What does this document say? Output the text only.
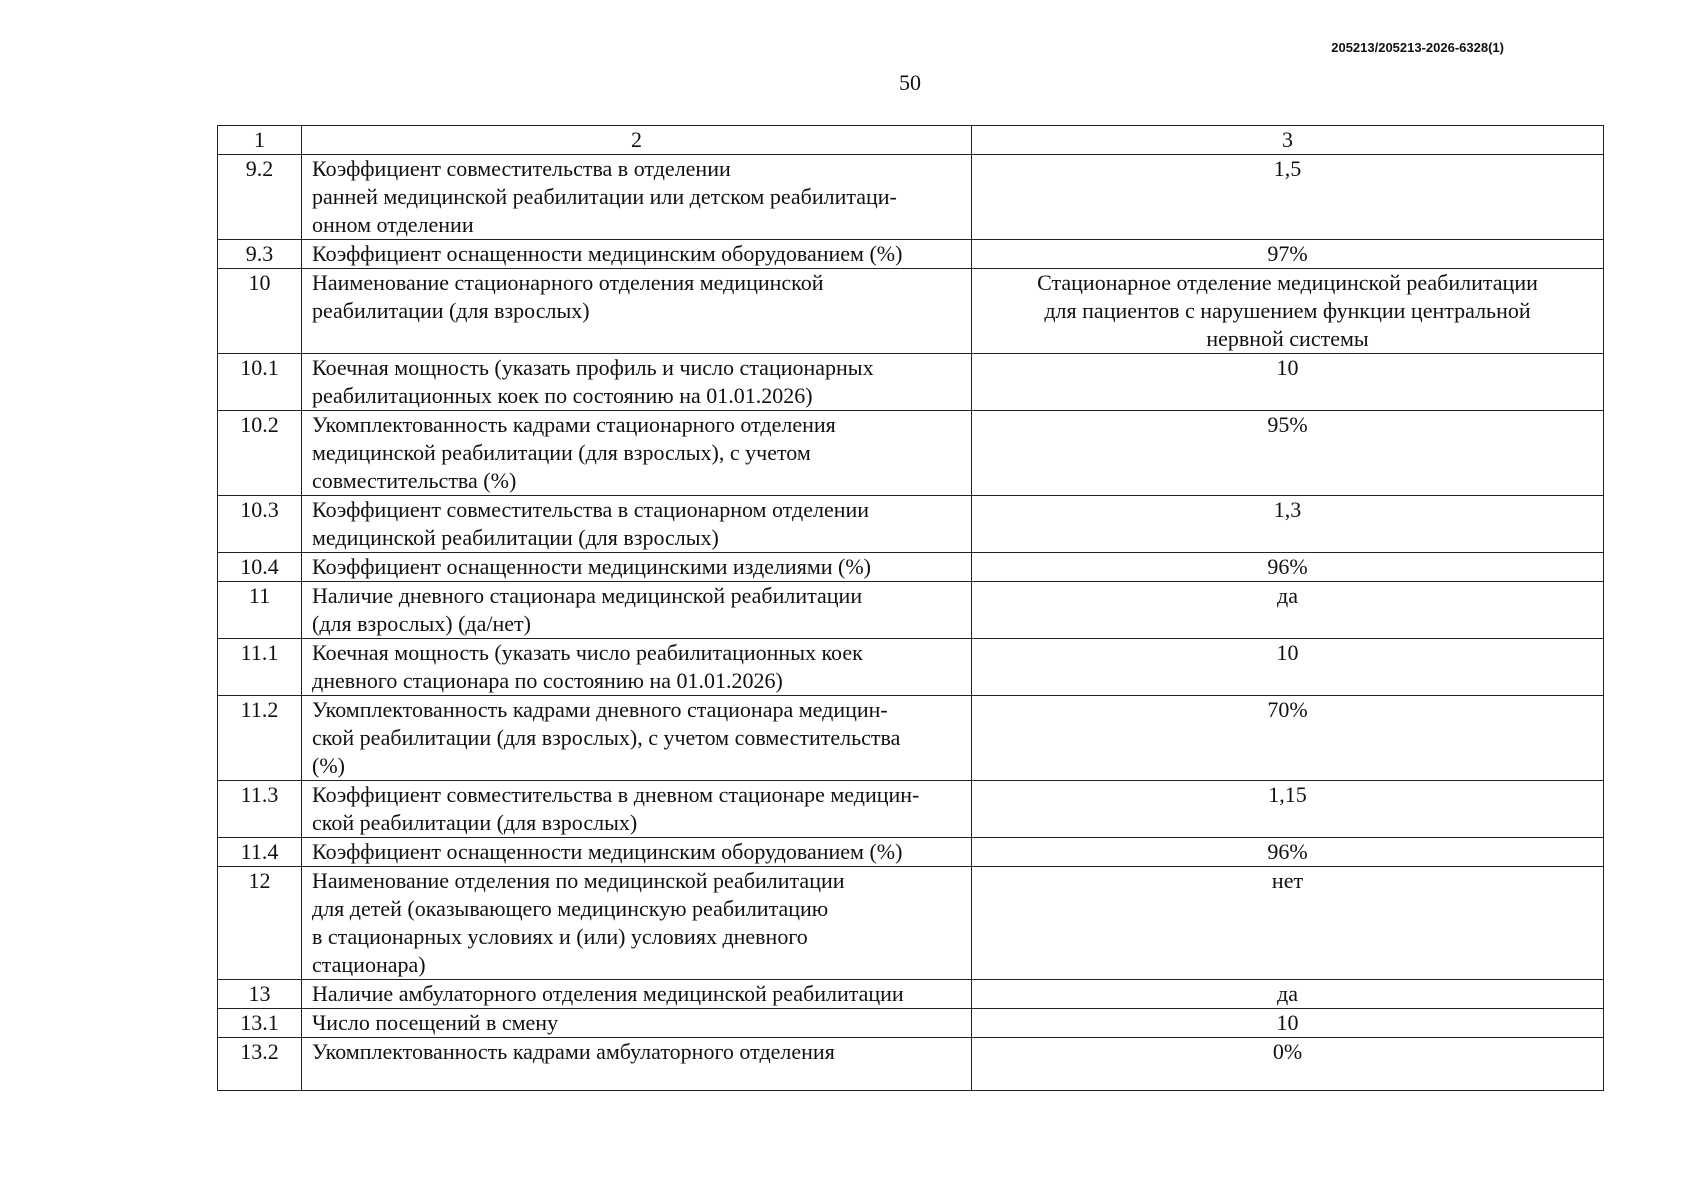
205213/205213-2026-6328(1)
50
1	2	3
9.2	Коэффициент совместительства в отделении
ранней медицинской реабилитации или детском реабилитаци-
онном отделении	1,5
9.3	Коэффициент оснащенности медицинским оборудованием (%)	97%
10	Наименование стационарного отделения медицинской
реабилитации (для взрослых)	Стационарное отделение медицинской реабилитации
для пациентов с нарушением функции центральной
нервной системы
10.1	Коечная мощность (указать профиль и число стационарных
реабилитационных коек по состоянию на 01.01.2026)	10
10.2	Укомплектованность кадрами стационарного отделения
медицинской реабилитации (для взрослых), с учетом
совместительства (%)	95%
10.3	Коэффициент совместительства в стационарном отделении
медицинской реабилитации (для взрослых)	1,3
10.4	Коэффициент оснащенности медицинскими изделиями (%)	96%
11	Наличие дневного стационара медицинской реабилитации
(для взрослых) (да/нет)	да
11.1	Коечная мощность (указать число реабилитационных коек
дневного стационара по состоянию на 01.01.2026)	10
11.2	Укомплектованность кадрами дневного стационара медицин-
ской реабилитации (для взрослых), с учетом совместительства
(%)	70%
11.3	Коэффициент совместительства в дневном стационаре медицин-
ской реабилитации (для взрослых)	1,15
11.4	Коэффициент оснащенности медицинским оборудованием (%)	96%
12	Наименование отделения по медицинской реабилитации
для детей (оказывающего медицинскую реабилитацию
в стационарных условиях и (или) условиях дневного
стационара)	нет
13	Наличие амбулаторного отделения медицинской реабилитации	да
13.1	Число посещений в смену	10
13.2	Укомплектованность кадрами амбулаторного отделения	0%
